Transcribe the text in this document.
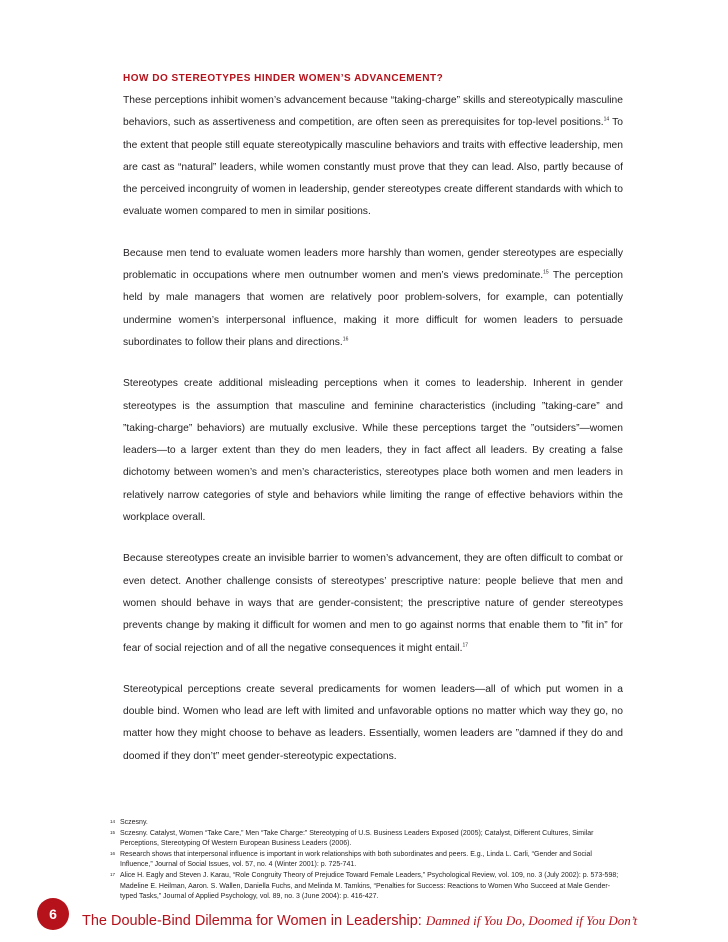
HOW DO STEREOTYPES HINDER WOMEN’S ADVANCEMENT?

These perceptions inhibit women’s advancement because “taking-charge” skills and stereotypically masculine behaviors, such as assertiveness and competition, are often seen as prerequisites for top-level positions.$^{14}$ To the extent that people still equate stereotypically masculine behaviors and traits with effective leadership, men are cast as “natural” leaders, while women constantly must prove that they can lead. Also, partly because of the perceived incongruity of women in leadership, gender stereotypes create different standards with which to evaluate women compared to men in similar positions.

Because men tend to evaluate women leaders more harshly than women, gender stereotypes are especially problematic in occupations where men outnumber women and men’s views predominate.$^{15}$ The perception held by male managers that women are relatively poor problem-solvers, for example, can potentially undermine women’s interpersonal influence, making it more difficult for women leaders to persuade subordinates to follow their plans and directions.$^{16}$

Stereotypes create additional misleading perceptions when it comes to leadership. Inherent in gender stereotypes is the assumption that masculine and feminine characteristics (including ”taking-care” and ”taking-charge” behaviors) are mutually exclusive. While these perceptions target the ”outsiders”—women leaders—to a larger extent than they do men leaders, they in fact affect all leaders. By creating a false dichotomy between women’s and men’s characteristics, stereotypes place both women and men leaders in relatively narrow categories of style and behaviors while limiting the range of effective behaviors within the workplace overall.

Because stereotypes create an invisible barrier to women’s advancement, they are often difficult to combat or even detect. Another challenge consists of stereotypes’ prescriptive nature: people believe that men and women should behave in ways that are gender-consistent; the prescriptive nature of gender stereotypes prevents change by making it difficult for women and men to go against norms that enable them to ”fit in” for fear of social rejection and of all the negative consequences it might entail.$^{17}$

Stereotypical perceptions create several predicaments for women leaders—all of which put women in a double bind. Women who lead are left with limited and unfavorable options no matter which way they go, no matter how they might choose to behave as leaders. Essentially, women leaders are ”damned if they do and doomed if they don’t” meet gender-stereotypic expectations.

14 Sczesny.
15 Sczesny. Catalyst, Women “Take Care,” Men “Take Charge:” Stereotyping of U.S. Business Leaders Exposed (2005); Catalyst, Different Cultures, Similar Perceptions, Stereotyping Of Western European Business Leaders (2006).
16 Research shows that interpersonal influence is important in work relationships with both subordinates and peers. E.g., Linda L. Carli, “Gender and Social Influence,” Journal of Social Issues, vol. 57, no. 4 (Winter 2001): p. 725-741.
17 Alice H. Eagly and Steven J. Karau, “Role Congruity Theory of Prejudice Toward Female Leaders,” Psychological Review, vol. 109, no. 3 (July 2002): p. 573-598; Madeline E. Heilman, Aaron. S. Wallen, Daniella Fuchs, and Melinda M. Tamkins, “Penalties for Success: Reactions to Women Who Succeed at Male Gender-typed Tasks,” Journal of Applied Psychology, vol. 89, no. 3 (June 2004): p. 416-427.
6 The Double-Bind Dilemma for Women in Leadership: Damned if You Do, Doomed if You Don’t
